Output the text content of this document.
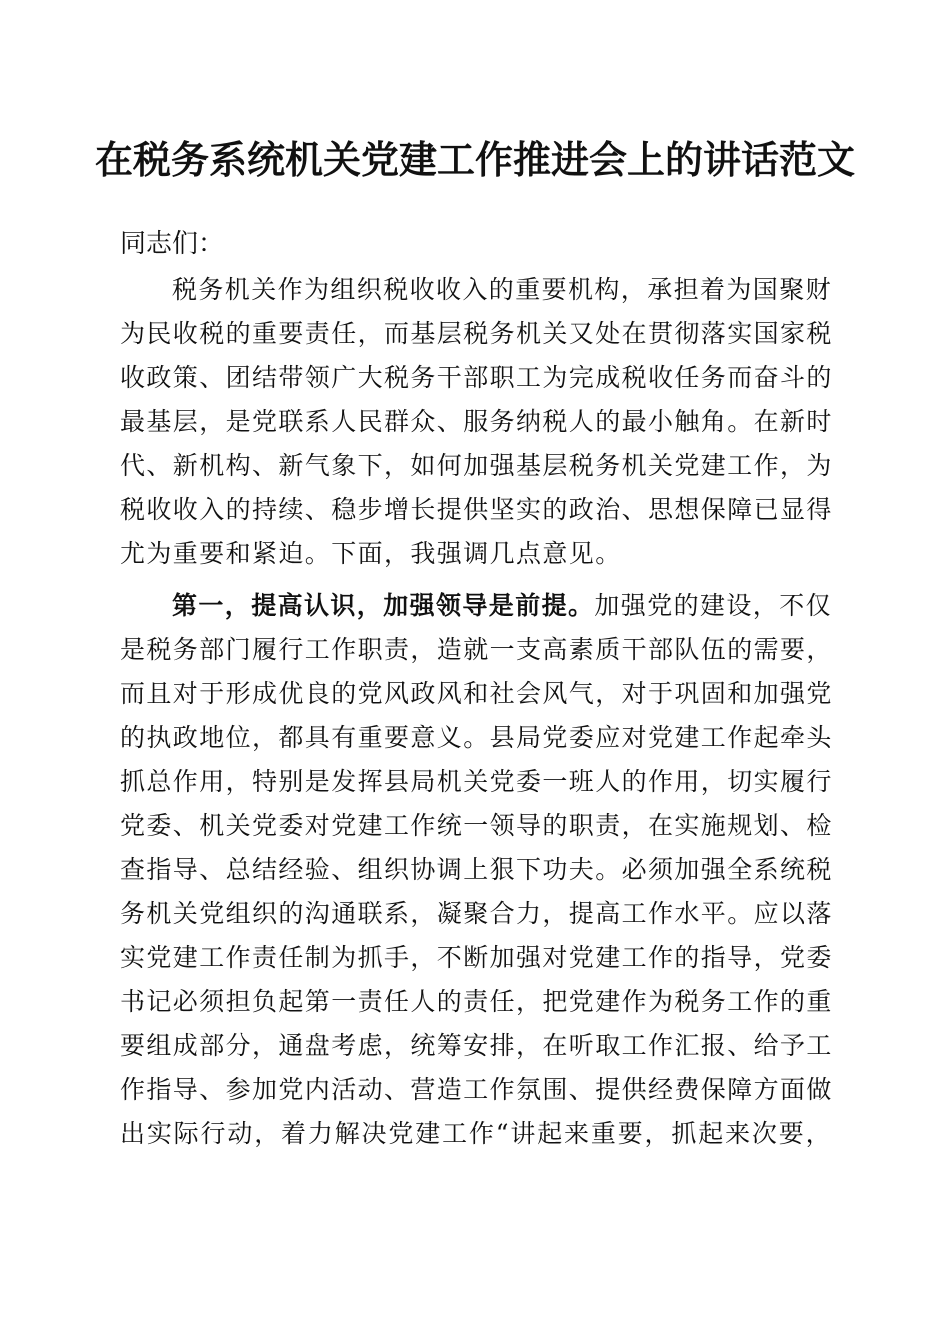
在税务系统机关党建工作推进会上的讲话范文

同志们：

税务机关作为组织税收收入的重要机构，承担着为国聚财
为民收税的重要责任，而基层税务机关又处在贯彻落实国家税
收政策、团结带领广大税务干部职工为完成税收任务而奋斗的
最基层，是党联系人民群众、服务纳税人的最小触角。在新时
代、新机构、新气象下，如何加强基层税务机关党建工作，为
税收收入的持续、稳步增长提供坚实的政治、思想保障已显得
尤为重要和紧迫。下面，我强调几点意见。
第一，提高认识，加强领导是前提。加强党的建设，不仅
是税务部门履行工作职责，造就一支高素质干部队伍的需要，
而且对于形成优良的党风政风和社会风气，对于巩固和加强党
的执政地位，都具有重要意义。县局党委应对党建工作起牵头
抓总作用，特别是发挥县局机关党委一班人的作用，切实履行
党委、机关党委对党建工作统一领导的职责，在实施规划、检
查指导、总结经验、组织协调上狠下功夫。必须加强全系统税
务机关党组织的沟通联系，凝聚合力，提高工作水平。应以落
实党建工作责任制为抓手，不断加强对党建工作的指导，党委
书记必须担负起第一责任人的责任，把党建作为税务工作的重
要组成部分，通盘考虑，统筹安排，在听取工作汇报、给予工
作指导、参加党内活动、营造工作氛围、提供经费保障方面做
出实际行动，着力解决党建工作“讲起来重要，抓起来次要，
